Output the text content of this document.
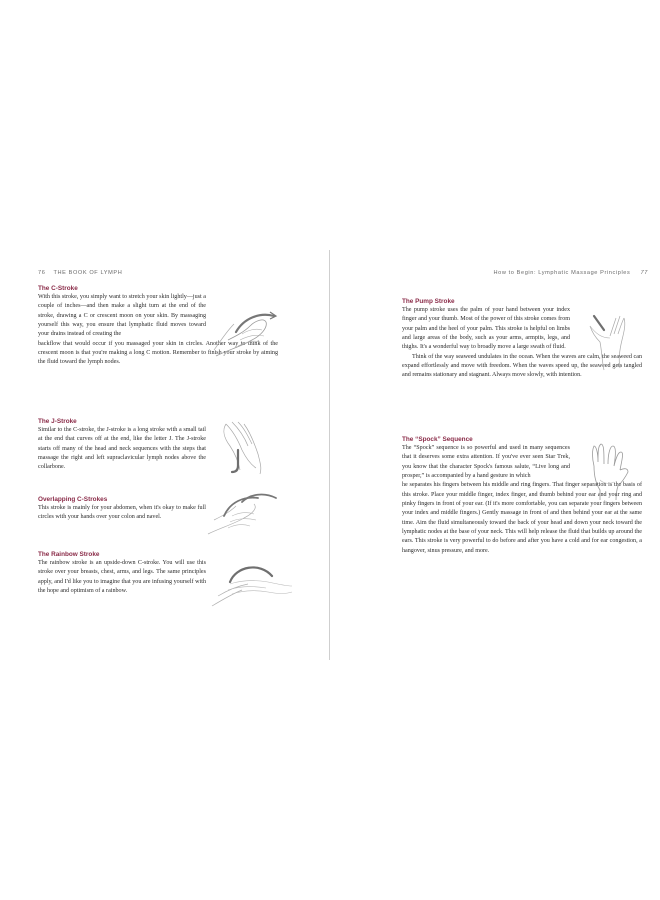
76 THE BOOK OF LYMPH
The C-Stroke

With this stroke, you simply want to stretch your skin lightly—just a couple of inches—and then make a slight turn at the end of the stroke, drawing a C or crescent moon on your skin. By massaging yourself this way, you ensure that lymphatic fluid moves toward your drains instead of creating the

backflow that would occur if you massaged your skin in circles. Another way to think of the crescent moon is that you're making a long C motion. Remember to finish your stroke by aiming the fluid toward the lymph nodes.

The J-Stroke

Similar to the C-stroke, the J-stroke is a long stroke with a small tail at the end that curves off at the end, like the letter J. The J-stroke starts off many of the head and neck sequences with the steps that massage the right and left supraclavicular lymph nodes above the collarbone.

Overlapping C-Strokes

This stroke is mainly for your abdomen, when it's okay to make full circles with your hands over your colon and navel.

The Rainbow Stroke

The rainbow stroke is an upside-down C-stroke. You will use this stroke over your breasts, chest, arms, and legs. The same principles apply, and I'd like you to imagine that you are infusing yourself with the hope and optimism of a rainbow.

How to Begin: Lymphatic Massage Principles 77
The Pump Stroke

The pump stroke uses the palm of your hand between your index finger and your thumb. Most of the power of this stroke comes from your palm and the heel of your palm. This stroke is helpful on limbs and large areas of the body, such as your arms, armpits, legs, and thighs. It's a wonderful way to broadly move a large swath of fluid.

Think of the way seaweed undulates in the ocean. When the waves are calm, the seaweed can expand effortlessly and move with freedom. When the waves speed up, the seaweed gets tangled and remains stationary and stagnant. Always move slowly, with intention.

The “Spock” Sequence

The “Spock” sequence is so powerful and used in many sequences that it deserves some extra attention. If you've ever seen Star Trek, you know that the character Spock's famous salute, “Live long and prosper,” is accompanied by a hand gesture in which

he separates his fingers between his middle and ring fingers. That finger separation is the basis of this stroke. Place your middle finger, index finger, and thumb behind your ear and your ring and pinky fingers in front of your ear. (If it's more comfortable, you can separate your fingers between your index and middle fingers.) Gently massage in front of and then behind your ear at the same time. Aim the fluid simultaneously toward the back of your head and down your neck toward the lymphatic nodes at the base of your neck. This will help release the fluid that builds up around the ears. This stroke is very powerful to do before and after you have a cold and for ear congestion, a hangover, sinus pressure, and more.
